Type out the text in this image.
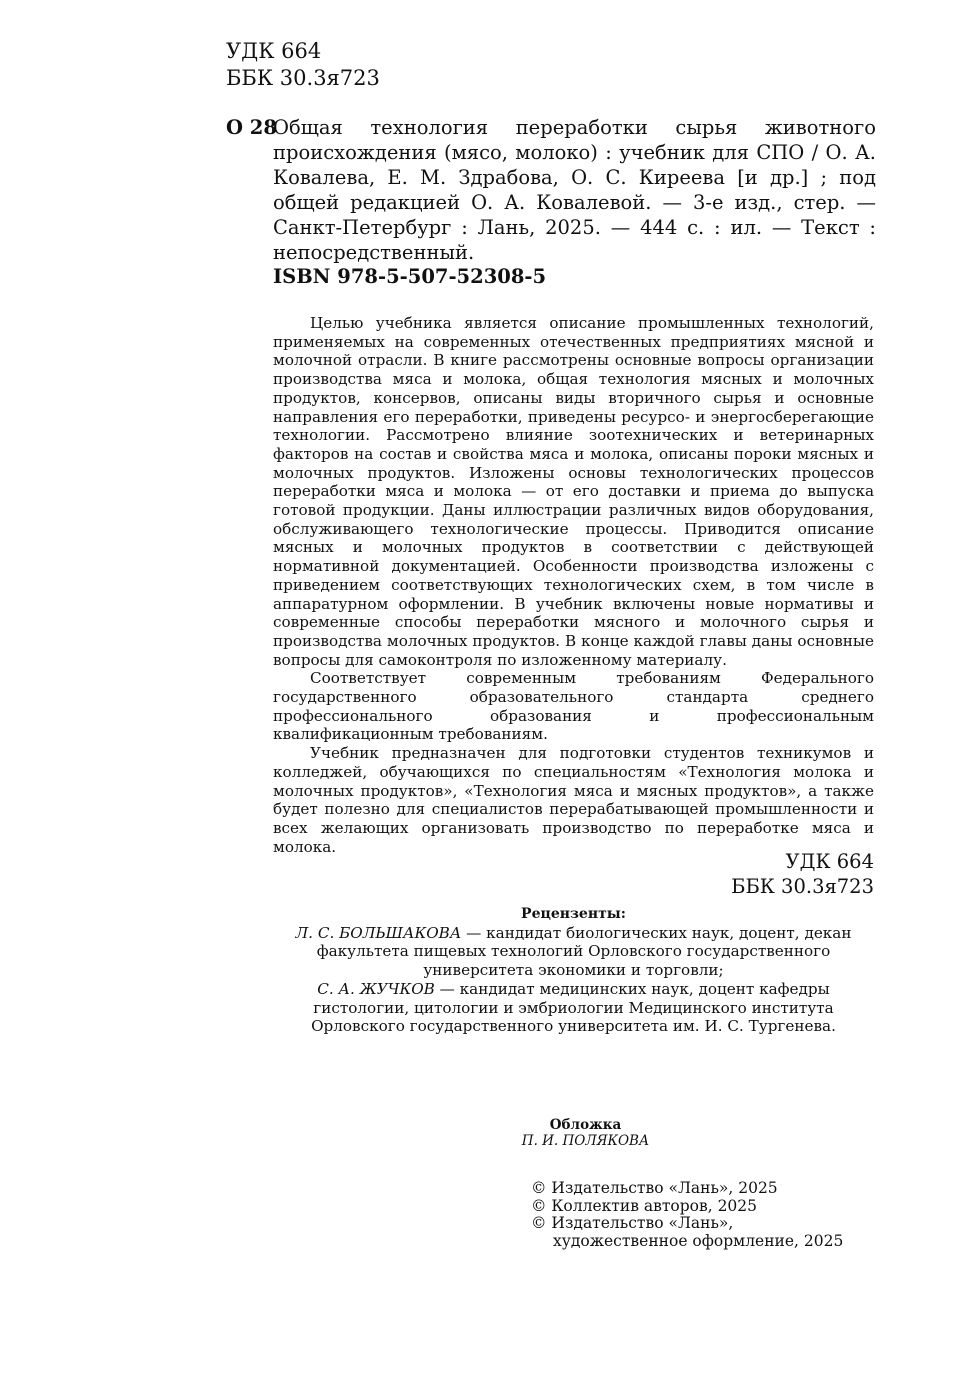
УДК 664
ББК 30.3я723
О 28
Общая технология переработки сырья животного происхождения (мясо, молоко) : учебник для СПО / О. А. Ковалева, Е. М. Здрабова, О. С. Киреева [и др.] ; под общей редакцией О. А. Ковалевой. — 3-е изд., стер. — Санкт-Петербург : Лань, 2025. — 444 с. : ил. — Текст : непосредственный.
ISBN 978-5-507-52308-5

Целью учебника является описание промышленных технологий, применяемых на современных отечественных предприятиях мясной и молочной отрасли. В книге рассмотрены основные вопросы организации производства мяса и молока, общая технология мясных и молочных продуктов, консервов, описаны виды вторичного сырья и основные направления его переработки, приведены ресурсо- и энергосберегающие технологии. Рассмотрено влияние зоотехнических и ветеринарных факторов на состав и свойства мяса и молока, описаны пороки мясных и молочных продуктов. Изложены основы технологических процессов переработки мяса и молока — от его доставки и приема до выпуска готовой продукции. Даны иллюстрации различных видов оборудования, обслуживающего технологические процессы. Приводится описание мясных и молочных продуктов в соответствии с действующей нормативной документацией. Особенности производства изложены с приведением соответствующих технологических схем, в том числе в аппаратурном оформлении. В учебник включены новые нормативы и современные способы переработки мясного и молочного сырья и производства молочных продуктов. В конце каждой главы даны основные вопросы для самоконтроля по изложенному материалу.

Соответствует современным требованиям Федерального государственного образовательного стандарта среднего профессионального образования и профессиональным квалификационным требованиям.

Учебник предназначен для подготовки студентов техникумов и колледжей, обучающихся по специальностям «Технология молока и молочных продуктов», «Технология мяса и мясных продуктов», а также будет полезно для специалистов перерабатывающей промышленности и всех желающих организовать производство по переработке мяса и молока.

УДК 664
ББК 30.3я723
Рецензенты:

Л. С. БОЛЬШАКОВА — кандидат биологических наук, доцент, декан факультета пищевых технологий Орловского государственного университета экономики и торговли;

С. А. ЖУЧКОВ — кандидат медицинских наук, доцент кафедры гистологии, цитологии и эмбриологии Медицинского института Орловского государственного университета им. И. С. Тургенева.

Обложка
П. И. ПОЛЯКОВА
© Издательство «Лань», 2025
© Коллектив авторов, 2025
© Издательство «Лань»,
художественное оформление, 2025
